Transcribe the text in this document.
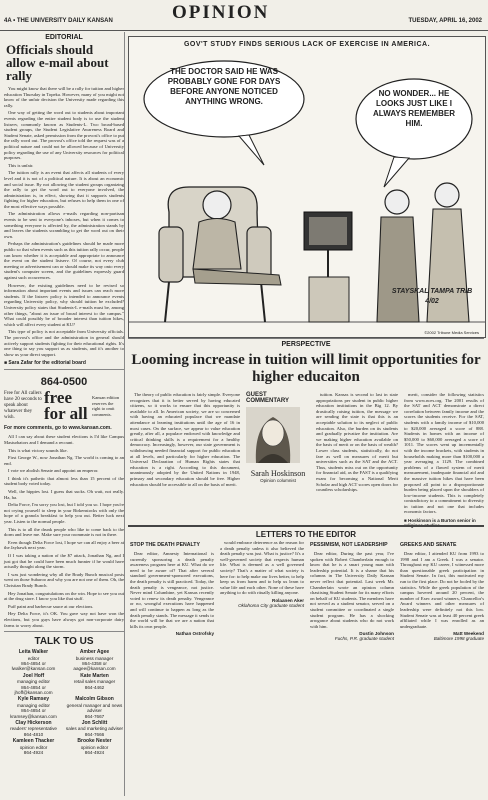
OPINION
4A • THE UNIVERSITY DAILY KANSAN	TUESDAY, APRIL 16, 2002
EDITORIAL
Officials should allow e-mail about rally

You might know that there will be a rally for tuition and higher education Thursday in Topeka. However, many of you might not know of the unfair decision the University made regarding this rally.

One way of getting the word out to students about important events regarding the entire student body is to use the student listserv, commonly known as Students-L. Two broad-based student groups, the Student Legislative Awareness Board and Student Senate, asked permission from the provost's office to put the rally word out. The provost's office told the request was of a political nature and could not be allowed because of University policy regarding the use of any University resources for political purposes.

This is unfair.

The tuition rally is an event that affects all students of every level and it is not of a political nature. It is about an economic and social issue. By not allowing the student groups organizing the rally to get the word out to everyone involved, the administration is, in effect, showing that it supports students fighting for higher education, but refuses to help them in one of the most effective ways possible.

The administration allows e-mails regarding non-partisan events to be sent to everyone's inboxes, but when it comes to something everyone is affected by, the administration stands by and leaves the students scrambling to get the word out on their own.

Perhaps the administration's guidelines should be made more public so that when events such as this tuition rally occur, people can know whether it is acceptable and appropriate to announce the event on the student listserv. Of course, not every club meeting or advertisement can or should make its way onto every student's computer screen, and the guidelines expressly guard against such occurrences.

However, the existing guidelines need to be revised so information about important events and issues can reach more students. If the listserv policy is intended to announce events regarding University policy, why should tuition be excluded? University policy states that Students-L e-mails must be, among other things, "about an issue of broad interest to the campus." What could possibly be of broader interest than tuition hikes, which will affect every student at KU?

This type of policy is not acceptable from University officials. The provost's office and the administration in general should actively support students fighting for their educational rights. It's one thing to say you support us as students, and it's another to show us your direct support.

■ Sara Zafar for the editorial board
864-0500
Free for All callers have 20 seconds to speak about whatever they wish.
free for all
Kansan edition reserves the right to omit comments.
For more comments, go to www.kansan.com.

All I can say about these student elections is I'd like Campus Masturbators and I demand a recount.

This is what victory sounds like.

First George W., now Jonathan Ng. The world is coming to an end.

I vote we abolish Senate and appoint an emperor.

I think it's pathetic that almost less than 15 percent of the student body voted today.

Well, the hippies lost. I guess that sucks. Oh wait, not really. Ha, ha.

Delta Force, I'm sorry you lost, but I told you so. I hope you're not crying yourself to sleep in your Birkenstocks with only the hope of a granola breakfast to help you out. Better luck next year. Listen to the normal people.

This is to all the drunk people who like to come back to the dorm and leave me. Make sure your roommate is not in there.

Even though Delta Force lost, I hope we can all enjoy a beer at the Jayhawk next year.

If I was taking a nation of the $7 attack, Jonathan Ng, and I just got that he could have been much funnier if he would have actually thought along the storm.

I was just wondering why all the Brady Bunch musical posts went on those Subaroo and why you are not one of them. Oh, the Christian Brady Bunch.

Hey Jonathan, congratulations on the win. Hope to see you out at the drug store. I know you like that stuff.

Puff paint and barbecue sauce at our elections.

Hey Delta Force, it's OK. You gave way not have won the elections, but you guys have always got non-corporate dairy farms to worry about.

TALK TO US
Leita Walker
editor
864-4854 or lwalker@kansan.com
Amber Agee
business manager
864-4358 or aagee@kansan.com
Joel Hoff
managing editor
864-4854 or jhoff@kansan.com
Kate Marten
retail sales manager
864-4462
Kyle Ramsey
managing editor
864-4854 or kramsey@kansan.com
Malcolm Gibson
general manager and news adviser
864-7667
Clay Hickerson
readers' representative
864-4810
Jon Schlitt
sales and marketing adviser
864-7666
Kamleen Thacker
opinion editor
864-4924
Brooke Nester
opinion editor
864-4924
GOV'T STUDY FINDS SERIOUS LACK OF EXERCISE IN AMERICA.
THE DOCTOR SAID HE WAS PROBABLY GONE FOR DAYS BEFORE ANYONE NOTICED ANYTHING WRONG.
NO WONDER... HE LOOKS JUST LIKE I ALWAYS REMEMBER HIM.
STAYSKAL TAMPA TRIB 4/02
©2002 Tribune Media Services
PERSPECTIVE
Looming increase in tuition will limit opportunities for higher educaiton

The theory of public education is fairly simple. Everyone recognizes that it is better served by having educated citizens, so it works to ensure that this opportunity is available to all. In American society, we are so concerned with having an educated populace that we mandate attendance at learning institutions until the age of 16 in most cases. On the surface, we appear to value education greatly, after all, a populace endowed with knowledge and critical thinking skills is a requirement for a healthy democracy. Increasingly, however, our state government is withdrawing needed financial support for public education at all levels, and particularly for higher education. The Universal Declaration of Human Rights states that education is a right. According to this document, unanimously adopted by the United Nations in 1948, primary and secondary education should be free. Higher education should be accessible to all on the basis of merit.

GUEST COMMENTARY
Sarah Hoskinson
Opinion columnist

tuition. Kansas is second to last in state appropriations per student in public higher education institutions in the Big 12. By drastically raising tuition, the message we are sending the state is that this is an acceptable solution to its neglect of public education. Also, the burden on its students and gradually privatize the institution. Are we making higher education available on the basis of merit or on the basis of wealth? Lower class students, statistically, do not fare as well on measures of merit but universities such as the SAT and the ACT. Thus, students miss out on the opportunity for financial aid, as the FAST is a qualifying exam for becoming a National Merit Scholar and high ACT scores open doors for countless scholarships.

merit, consider the following statistics from www.nces.org. The 2001 results of the SAT and ACT demonstrate a direct correlation between family income and the scores the students receive. For the SAT, students with a family income of $10,000 to $20,000 averaged a score of 888. Students in homes with an income of $50,000 to $60,000 averaged a score of 1011. The scores went up incrementally with the income brackets, with students in households making more than $100,000 a year averaging a 1129. The combined problems of a flawed system of merit measurement, inadequate financial aid and the massive tuition hikes that have been proposed all point to a disproportionate burden being placed upon the shoulders of low-income students. This is completely contradictory to a commitment to diversity in tuition and not one that includes economic factors.

■ Hoskinson is a Burton senior in religious studies.
LETTERS TO THE EDITOR
STOP THE DEATH PENALTY

Dear editor, Amnesty International is currently sponsoring a death penalty awareness program here at KU. What do we need to be aware of? That after several standard government-sponsored executions, the death penalty is still practiced. Today, the death penalty is vengeance, not justice. Never mind Columbine, yet Kansas recently voted to renew its death penalty. Vengeance or no, wrongful executions have happened and will continue to happen as long as the death penalty stands. The message it sends to the world will be that we are a nation that kills its own people.

Nathan Ostrofsky

would embrace deterrence as the reason for a death penalty unless it also believed the death penalty was just. What is justice? It's a well-governed society that respects human life. What is deemed as a well governed society? That's a matter of what society is here for: to help make our lives better, to help keep us from harm and to help us learn to value life and each other. None of these have anything to do with ritually killing anyone.

Rolaanen Aker
Oklahoma City graduate student
PESSIMISM, NOT LEADERSHIP

Dear editor, During the past year, I've spoken with Robert Chamberlain enough to know that he is a smart young man with leadership potential. It is a shame that his columns in The University Daily Kansan never reflect that potential. Last week Mr. Chamberlain wrote an opinion column chastising Student Senate for its many efforts on behalf of KU students. The members have not served as a student senator, served on a student committee or coordinated a single student program. He has a shocking arrogance about students who do not work with him.

Dustin Johnson
Fuchs, P.R. graduate student
GREEKS AND SENATE

Dear editor, I attended KU from 1993 to 1998 and I am a Greek. I was a senator. Throughout my KU career, I witnessed more than questionable greek participation in Student Senate. In fact, this motivated my run to the first place. Do not be fooled by the statistics. While the greek population of the campus hovered around 20 percent, the number of Exec award winners, Chancellor's Award winners and other measures of leadership were definitely not this low. Student Senate was at least 40 percent greek affiliated while I was enrolled as an undergraduate.

Matt Weekend
Baltimore 1998 graduate
